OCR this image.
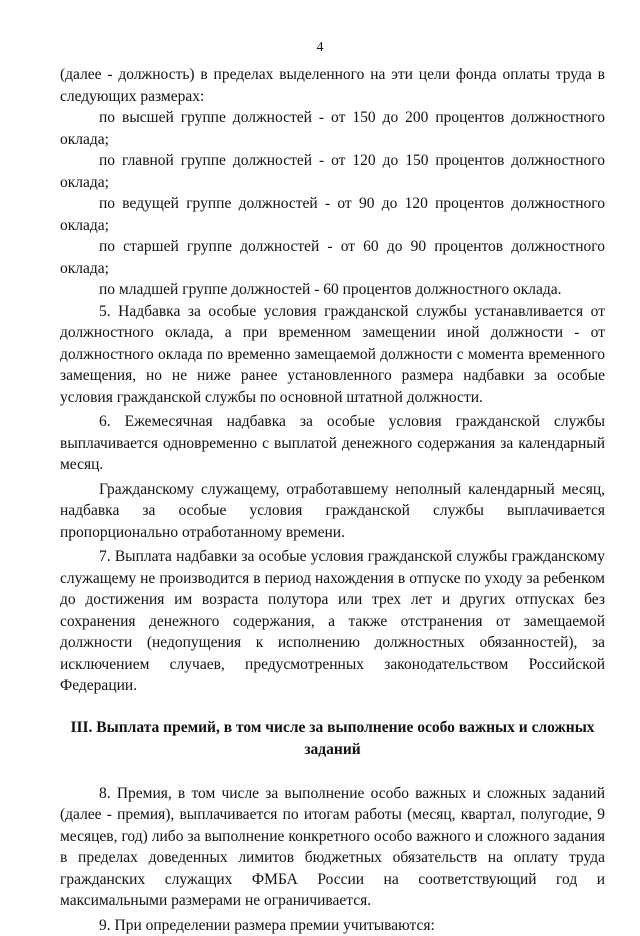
4

(далее - должность) в пределах выделенного на эти цели фонда оплаты труда в следующих размерах:

по высшей группе должностей - от 150 до 200 процентов должностного оклада;

по главной группе должностей - от 120 до 150 процентов должностного оклада;

по ведущей группе должностей - от 90 до 120 процентов должностного оклада;

по старшей группе должностей - от 60 до 90 процентов должностного оклада;

по младшей группе должностей - 60 процентов должностного оклада.

5. Надбавка за особые условия гражданской службы устанавливается от должностного оклада, а при временном замещении иной должности - от должностного оклада по временно замещаемой должности с момента временного замещения, но не ниже ранее установленного размера надбавки за особые условия гражданской службы по основной штатной должности.

6. Ежемесячная надбавка за особые условия гражданской службы выплачивается одновременно с выплатой денежного содержания за календарный месяц.

Гражданскому служащему, отработавшему неполный календарный месяц, надбавка за особые условия гражданской службы выплачивается пропорционально отработанному времени.

7. Выплата надбавки за особые условия гражданской службы гражданскому служащему не производится в период нахождения в отпуске по уходу за ребенком до достижения им возраста полутора или трех лет и других отпусках без сохранения денежного содержания, а также отстранения от замещаемой должности (недопущения к исполнению должностных обязанностей), за исключением случаев, предусмотренных законодательством Российской Федерации.

III. Выплата премий, в том числе за выполнение особо важных и сложных заданий

8. Премия, в том числе за выполнение особо важных и сложных заданий (далее - премия), выплачивается по итогам работы (месяц, квартал, полугодие, 9 месяцев, год) либо за выполнение конкретного особо важного и сложного задания в пределах доведенных лимитов бюджетных обязательств на оплату труда гражданских служащих ФМБА России на соответствующий год и максимальными размерами не ограничивается.

9. При определении размера премии учитываются:
